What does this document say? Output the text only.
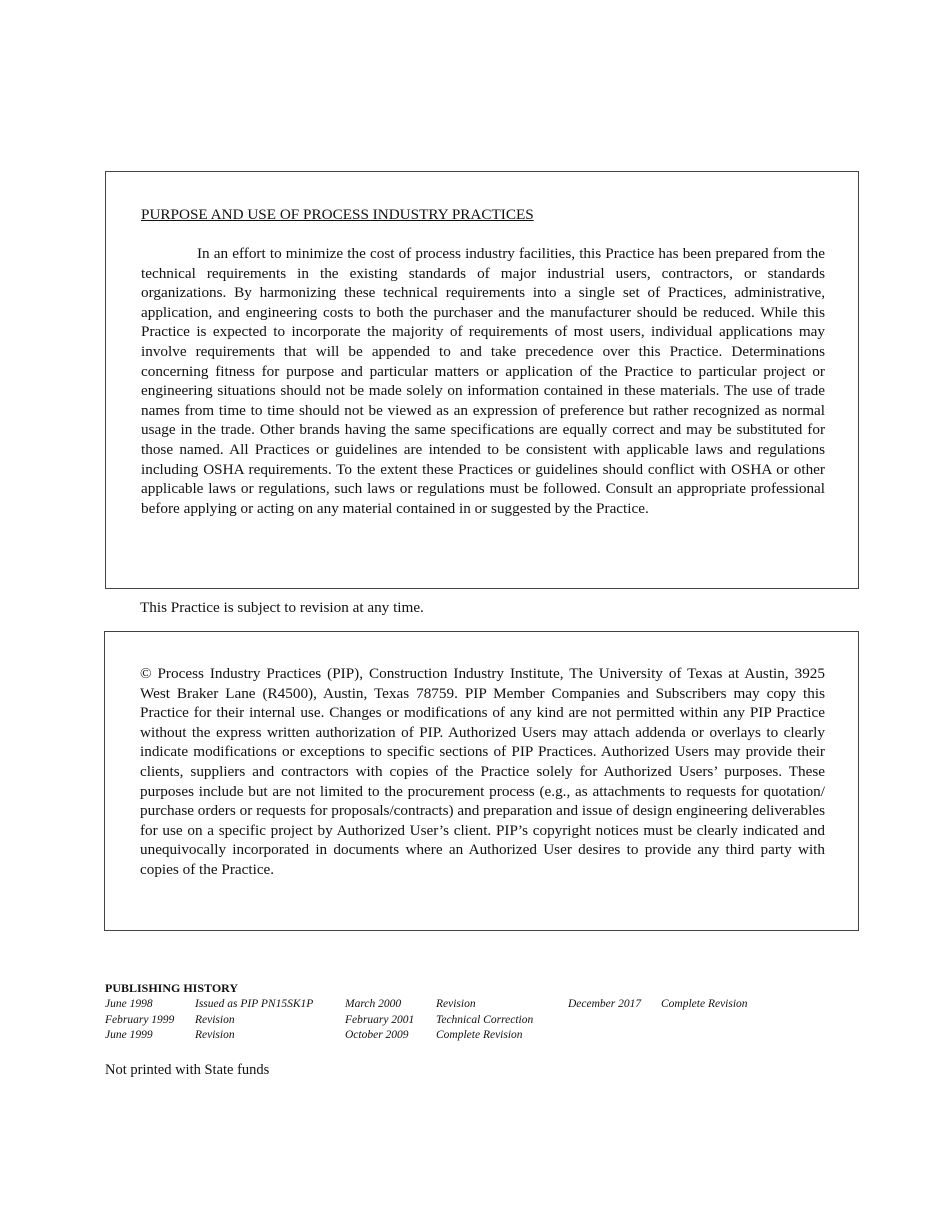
PURPOSE AND USE OF PROCESS INDUSTRY PRACTICES

In an effort to minimize the cost of process industry facilities, this Practice has been prepared from the technical requirements in the existing standards of major industrial users, contractors, or standards organizations. By harmonizing these technical requirements into a single set of Practices, administrative, application, and engineering costs to both the purchaser and the manufacturer should be reduced. While this Practice is expected to incorporate the majority of requirements of most users, individual applications may involve requirements that will be appended to and take precedence over this Practice. Determinations concerning fitness for purpose and particular matters or application of the Practice to particular project or engineering situations should not be made solely on information contained in these materials. The use of trade names from time to time should not be viewed as an expression of preference but rather recognized as normal usage in the trade. Other brands having the same specifications are equally correct and may be substituted for those named. All Practices or guidelines are intended to be consistent with applicable laws and regulations including OSHA requirements. To the extent these Practices or guidelines should conflict with OSHA or other applicable laws or regulations, such laws or regulations must be followed. Consult an appropriate professional before applying or acting on any material contained in or suggested by the Practice.

This Practice is subject to revision at any time.

© Process Industry Practices (PIP), Construction Industry Institute, The University of Texas at Austin, 3925 West Braker Lane (R4500), Austin, Texas 78759. PIP Member Companies and Subscribers may copy this Practice for their internal use. Changes or modifications of any kind are not permitted within any PIP Practice without the express written authorization of PIP. Authorized Users may attach addenda or overlays to clearly indicate modifications or exceptions to specific sections of PIP Practices. Authorized Users may provide their clients, suppliers and contractors with copies of the Practice solely for Authorized Users’ purposes. These purposes include but are not limited to the procurement process (e.g., as attachments to requests for quotation/ purchase orders or requests for proposals/contracts) and preparation and issue of design engineering deliverables for use on a specific project by Authorized User’s client. PIP’s copyright notices must be clearly indicated and unequivocally incorporated in documents where an Authorized User desires to provide any third party with copies of the Practice.

PUBLISHING HISTORY

June 1998	Issued as PIP PN15SK1P	March 2000	Revision	December 2017 Complete Revision
February 1999 Revision	February 2001 Technical Correction
June 1999	Revision	October 2009 Complete Revision

Not printed with State funds
